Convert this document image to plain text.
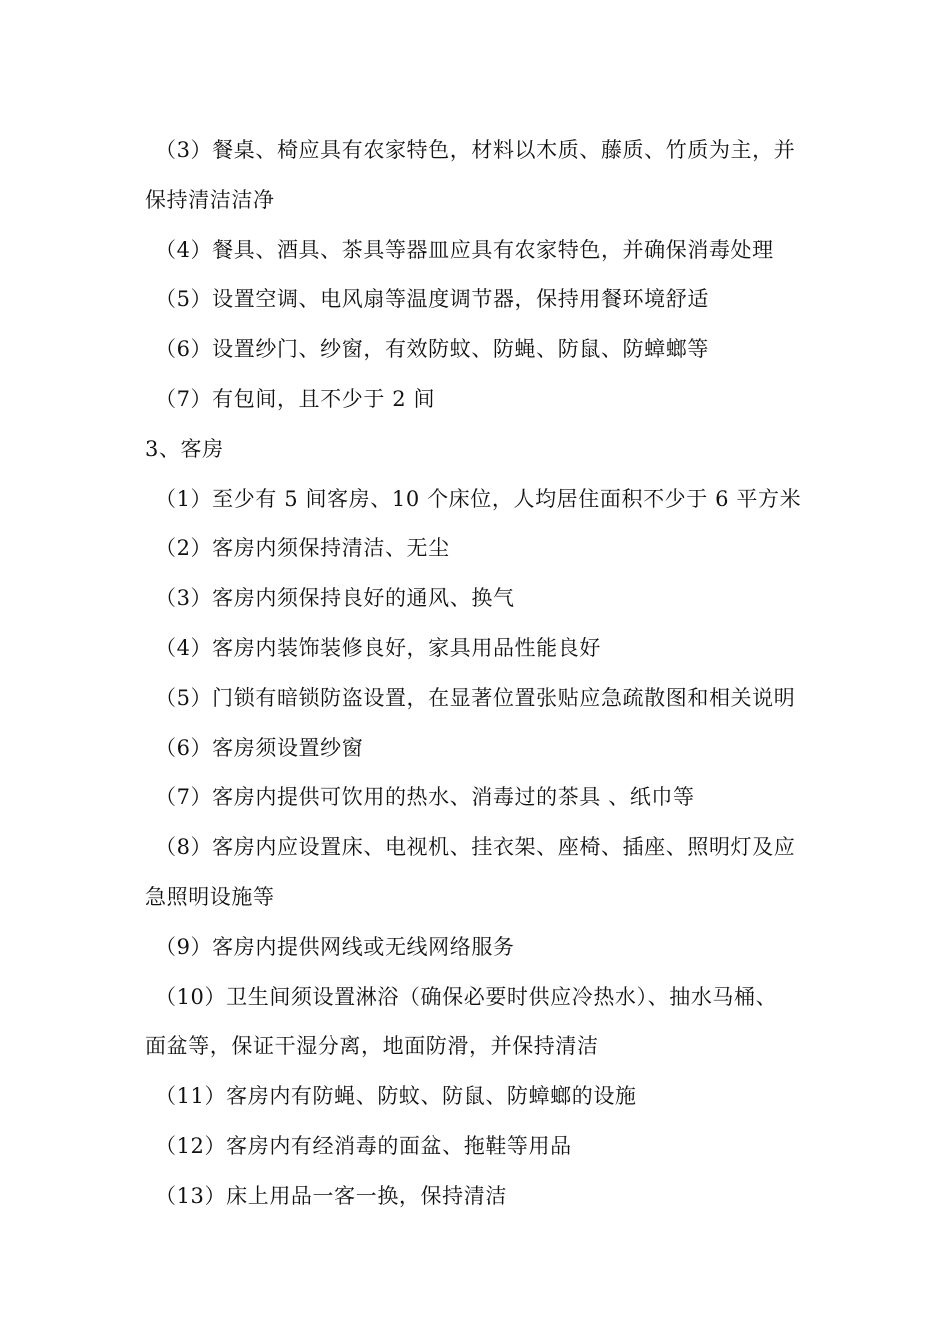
（3）餐桌、椅应具有农家特色，材料以木质、藤质、竹质为主，并
保持清洁洁净
（4）餐具、酒具、茶具等器皿应具有农家特色，并确保消毒处理
（5）设置空调、电风扇等温度调节器，保持用餐环境舒适
（6）设置纱门、纱窗，有效防蚊、防蝇、防鼠、防蟑螂等
（7）有包间，且不少于 2 间
3、客房
（1）至少有 5 间客房、10 个床位，人均居住面积不少于 6 平方米
（2）客房内须保持清洁、无尘
（3）客房内须保持良好的通风、换气
（4）客房内装饰装修良好，家具用品性能良好
（5）门锁有暗锁防盗设置，在显著位置张贴应急疏散图和相关说明
（6）客房须设置纱窗
（7）客房内提供可饮用的热水、消毒过的茶具 、纸巾等
（8）客房内应设置床、电视机、挂衣架、座椅、插座、照明灯及应
急照明设施等
（9）客房内提供网线或无线网络服务
（10）卫生间须设置淋浴（确保必要时供应冷热水）、抽水马桶、
面盆等，保证干湿分离，地面防滑，并保持清洁
（11）客房内有防蝇、防蚊、防鼠、防蟑螂的设施
（12）客房内有经消毒的面盆、拖鞋等用品
（13）床上用品一客一换，保持清洁
